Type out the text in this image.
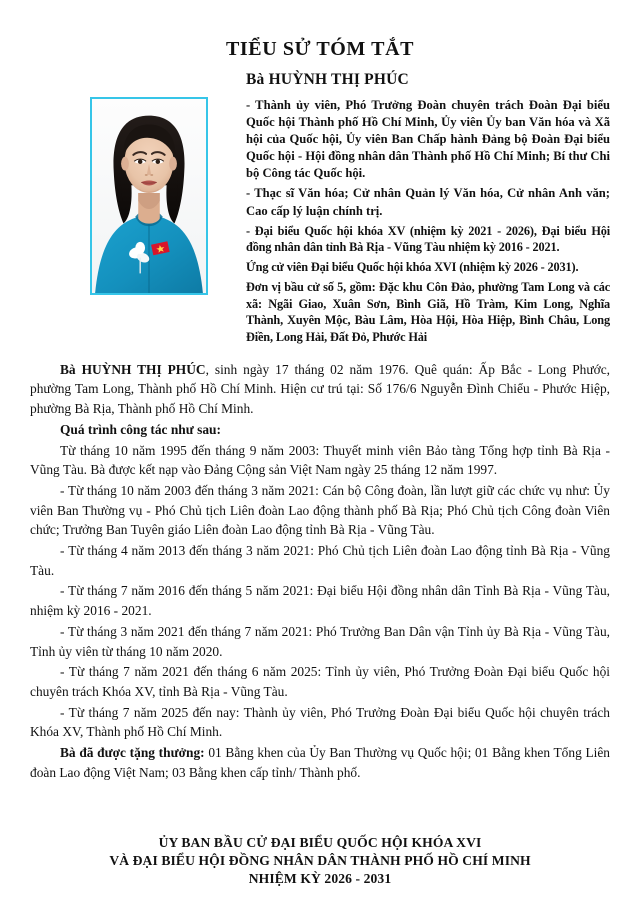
TIỂU SỬ TÓM TẮT
Bà HUỲNH THỊ PHÚC

- Thành ủy viên, Phó Trưởng Đoàn chuyên trách Đoàn Đại biểu Quốc hội Thành phố Hồ Chí Minh, Ủy viên Ủy ban Văn hóa và Xã hội của Quốc hội, Ủy viên Ban Chấp hành Đảng bộ Đoàn Đại biểu Quốc hội - Hội đồng nhân dân Thành phố Hồ Chí Minh; Bí thư Chi bộ Công tác Quốc hội.

- Thạc sĩ Văn hóa; Cử nhân Quản lý Văn hóa, Cử nhân Anh văn; Cao cấp lý luận chính trị.

- Đại biểu Quốc hội khóa XV (nhiệm kỳ 2021 - 2026), Đại biểu Hội đồng nhân dân tỉnh Bà Rịa - Vũng Tàu nhiệm kỳ 2016 - 2021.

Ứng cử viên Đại biểu Quốc hội khóa XVI (nhiệm kỳ 2026 - 2031).

Đơn vị bầu cử số 5, gồm: Đặc khu Côn Đảo, phường Tam Long và các xã: Ngãi Giao, Xuân Sơn, Bình Giã, Hồ Tràm, Kim Long, Nghĩa Thành, Xuyên Mộc, Bàu Lâm, Hòa Hội, Hòa Hiệp, Bình Châu, Long Điền, Long Hải, Đất Đỏ, Phước Hải

Bà HUỲNH THỊ PHÚC, sinh ngày 17 tháng 02 năm 1976. Quê quán: Ấp Bắc - Long Phước, phường Tam Long, Thành phố Hồ Chí Minh. Hiện cư trú tại: Số 176/6 Nguyễn Đình Chiểu - Phước Hiệp, phường Bà Rịa, Thành phố Hồ Chí Minh.

Quá trình công tác như sau:

Từ tháng 10 năm 1995 đến tháng 9 năm 2003: Thuyết minh viên Bảo tàng Tổng hợp tỉnh Bà Rịa - Vũng Tàu. Bà được kết nạp vào Đảng Cộng sản Việt Nam ngày 25 tháng 12 năm 1997.

- Từ tháng 10 năm 2003 đến tháng 3 năm 2021: Cán bộ Công đoàn, lần lượt giữ các chức vụ như: Ủy viên Ban Thường vụ - Phó Chủ tịch Liên đoàn Lao động thành phố Bà Rịa; Phó Chủ tịch Công đoàn Viên chức; Trưởng Ban Tuyên giáo Liên đoàn Lao động tỉnh Bà Rịa - Vũng Tàu.

- Từ tháng 4 năm 2013 đến tháng 3 năm 2021: Phó Chủ tịch Liên đoàn Lao động tỉnh Bà Rịa - Vũng Tàu.

- Từ tháng 7 năm 2016 đến tháng 5 năm 2021: Đại biểu Hội đồng nhân dân Tỉnh Bà Rịa - Vũng Tàu, nhiệm kỳ 2016 - 2021.

- Từ tháng 3 năm 2021 đến tháng 7 năm 2021: Phó Trưởng Ban Dân vận Tỉnh ủy Bà Rịa - Vũng Tàu, Tỉnh ủy viên từ tháng 10 năm 2020.

- Từ tháng 7 năm 2021 đến tháng 6 năm 2025: Tỉnh ủy viên, Phó Trưởng Đoàn Đại biểu Quốc hội chuyên trách Khóa XV, tỉnh Bà Rịa - Vũng Tàu.

- Từ tháng 7 năm 2025 đến nay: Thành ủy viên, Phó Trưởng Đoàn Đại biểu Quốc hội chuyên trách Khóa XV, Thành phố Hồ Chí Minh.

Bà đã được tặng thưởng: 01 Bằng khen của Ủy Ban Thường vụ Quốc hội; 01 Bằng khen Tổng Liên đoàn Lao động Việt Nam; 03 Bằng khen cấp tỉnh/ Thành phố.

ỦY BAN BẦU CỬ ĐẠI BIỂU QUỐC HỘI KHÓA XVI
VÀ ĐẠI BIỂU HỘI ĐỒNG NHÂN DÂN THÀNH PHỐ HỒ CHÍ MINH
NHIỆM KỲ 2026 - 2031
